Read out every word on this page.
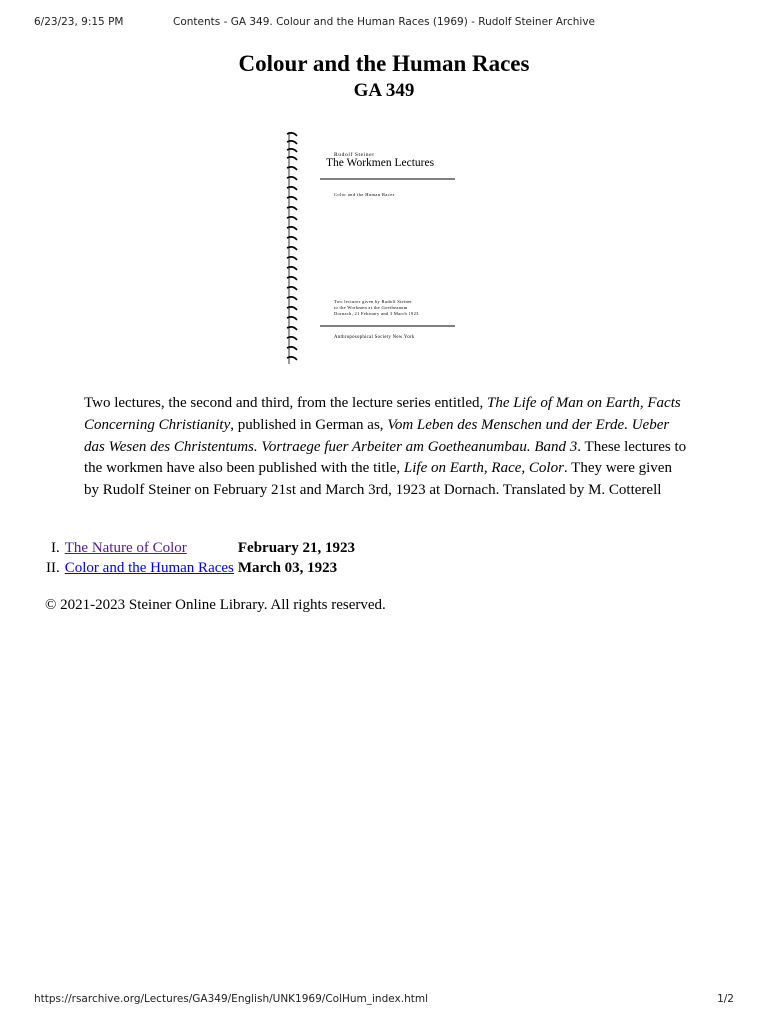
6/23/23, 9:15 PM	Contents - GA 349. Colour and the Human Races (1969) - Rudolf Steiner Archive
Colour and the Human Races
GA 349
Rudolf Steiner
The Workmen Lectures
Color and the Human Races
Two lectures given by Rudolf Steiner
to the Workmen at the Goetheanum
Dornach, 21 February and 3 March 1923
Anthroposophical Society New York

Two lectures, the second and third, from the lecture series entitled, The Life of Man on Earth, Facts Concerning Christianity, published in German as, Vom Leben des Menschen und der Erde. Ueber das Wesen des Christentums. Vortraege fuer Arbeiter am Goetheanumbau. Band 3. These lectures to the workmen have also been published with the title, Life on Earth, Race, Color. They were given by Rudolf Steiner on February 21st and March 3rd, 1923 at Dornach. Translated by M. Cotterell

I.	The Nature of Color	February 21, 1923
II.	Color and the Human Races	March 03, 1923

© 2021-2023 Steiner Online Library. All rights reserved.

https://rsarchive.org/Lectures/GA349/English/UNK1969/ColHum_index.html	1/2
